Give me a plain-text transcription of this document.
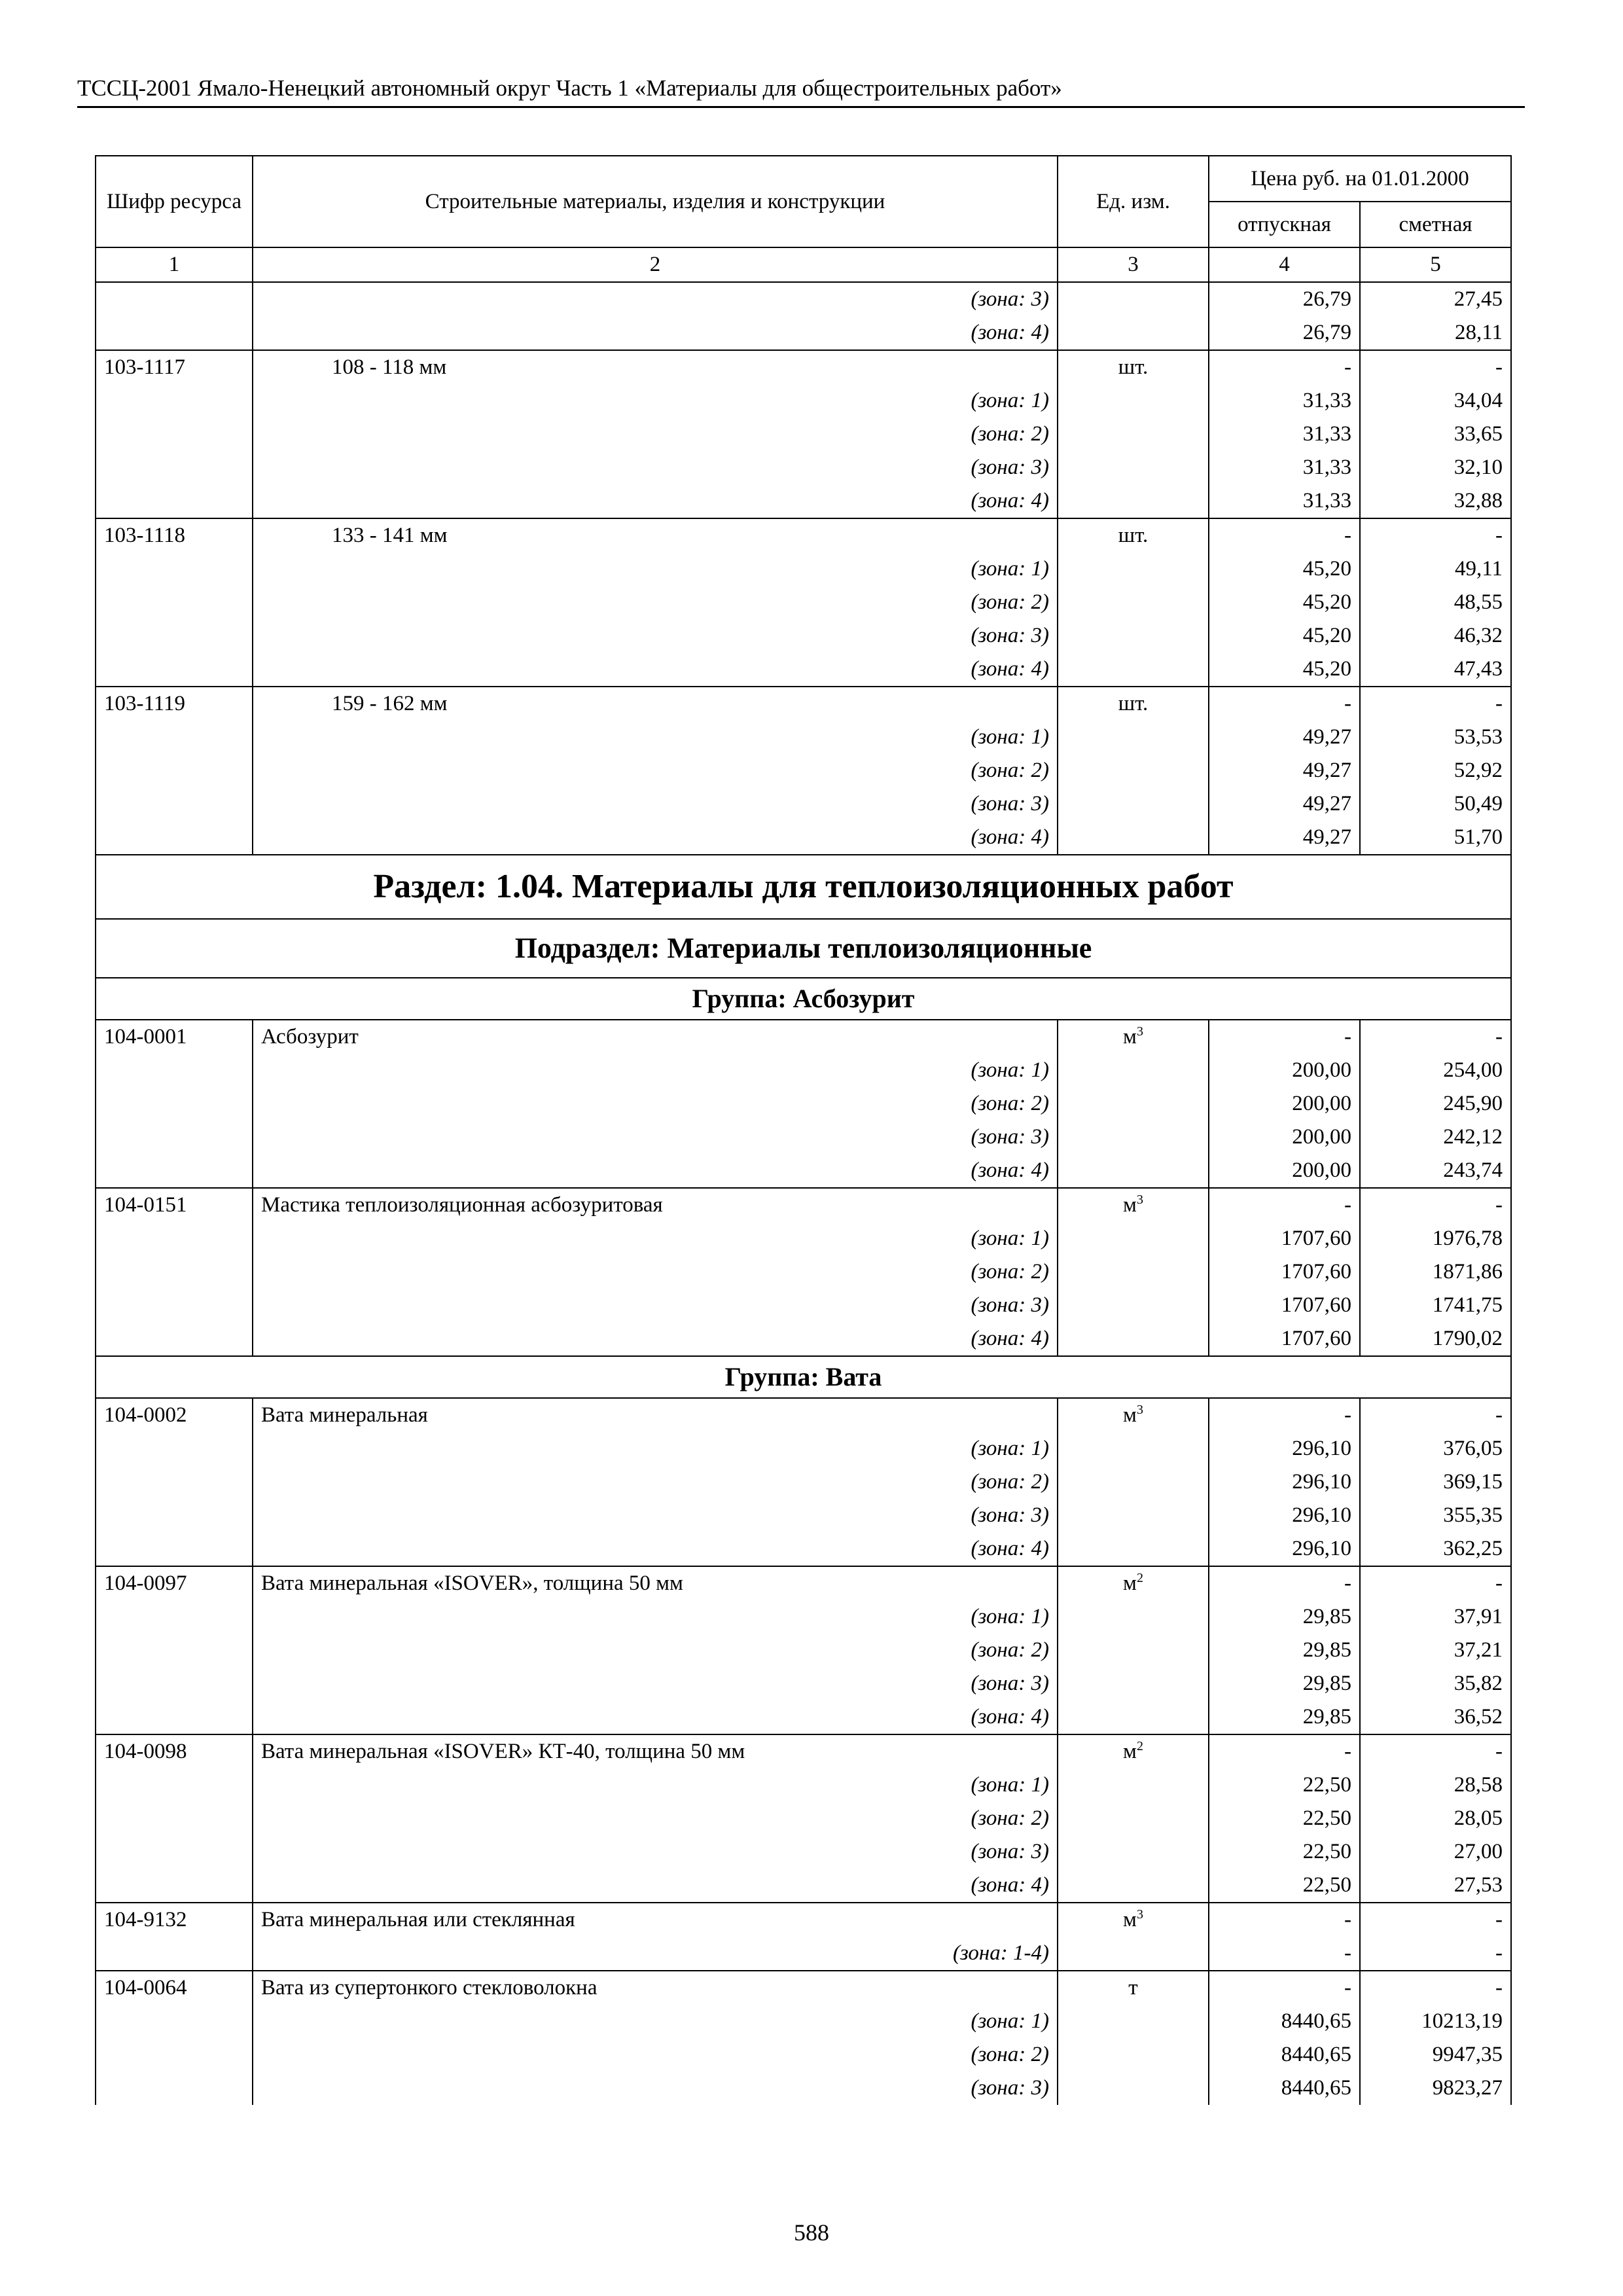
ТССЦ-2001 Ямало-Ненецкий автономный округ Часть 1 «Материалы для общестроительных работ»
Шифр ресурса	Строительные материалы, изделия и конструкции	Ед. изм.	Цена руб. на 01.01.2000	
			отпускная	сметная
1	2	3	4	5
	(зона: 3)		26,79	27,45
	(зона: 4)		26,79	28,11
103-1117	108 - 118 мм	шт.	-	-
	(зона: 1)		31,33	34,04
	(зона: 2)		31,33	33,65
	(зона: 3)		31,33	32,10
	(зона: 4)		31,33	32,88
103-1118	133 - 141 мм	шт.	-	-
	(зона: 1)		45,20	49,11
	(зона: 2)		45,20	48,55
	(зона: 3)		45,20	46,32
	(зона: 4)		45,20	47,43
103-1119	159 - 162 мм	шт.	-	-
	(зона: 1)		49,27	53,53
	(зона: 2)		49,27	52,92
	(зона: 3)		49,27	50,49
	(зона: 4)		49,27	51,70
Раздел: 1.04. Материалы для теплоизоляционных работ				
Подраздел: Материалы теплоизоляционные				
Группа: Асбозурит				
104-0001	Асбозурит	$м^3$	-	-
	(зона: 1)		200,00	254,00
	(зона: 2)		200,00	245,90
	(зона: 3)		200,00	242,12
	(зона: 4)		200,00	243,74
104-0151	Мастика теплоизоляционная асбозуритовая	$м^3$	-	-
	(зона: 1)		1707,60	1976,78
	(зона: 2)		1707,60	1871,86
	(зона: 3)		1707,60	1741,75
	(зона: 4)		1707,60	1790,02
Группа: Вата				
104-0002	Вата минеральная	$м^3$	-	-
	(зона: 1)		296,10	376,05
	(зона: 2)		296,10	369,15
	(зона: 3)		296,10	355,35
	(зона: 4)		296,10	362,25
104-0097	Вата минеральная «ISOVER», толщина 50 мм	$м^2$	-	-
	(зона: 1)		29,85	37,91
	(зона: 2)		29,85	37,21
	(зона: 3)		29,85	35,82
	(зона: 4)		29,85	36,52
104-0098	Вата минеральная «ISOVER» КТ-40, толщина 50 мм	$м^2$	-	-
	(зона: 1)		22,50	28,58
	(зона: 2)		22,50	28,05
	(зона: 3)		22,50	27,00
	(зона: 4)		22,50	27,53
104-9132	Вата минеральная или стеклянная	$м^3$	-	-
	(зона: 1-4)		-	-
104-0064	Вата из супертонкого стекловолокна	т	-	-
	(зона: 1)		8440,65	10213,19
	(зона: 2)		8440,65	9947,35
	(зона: 3)		8440,65	9823,27
588
